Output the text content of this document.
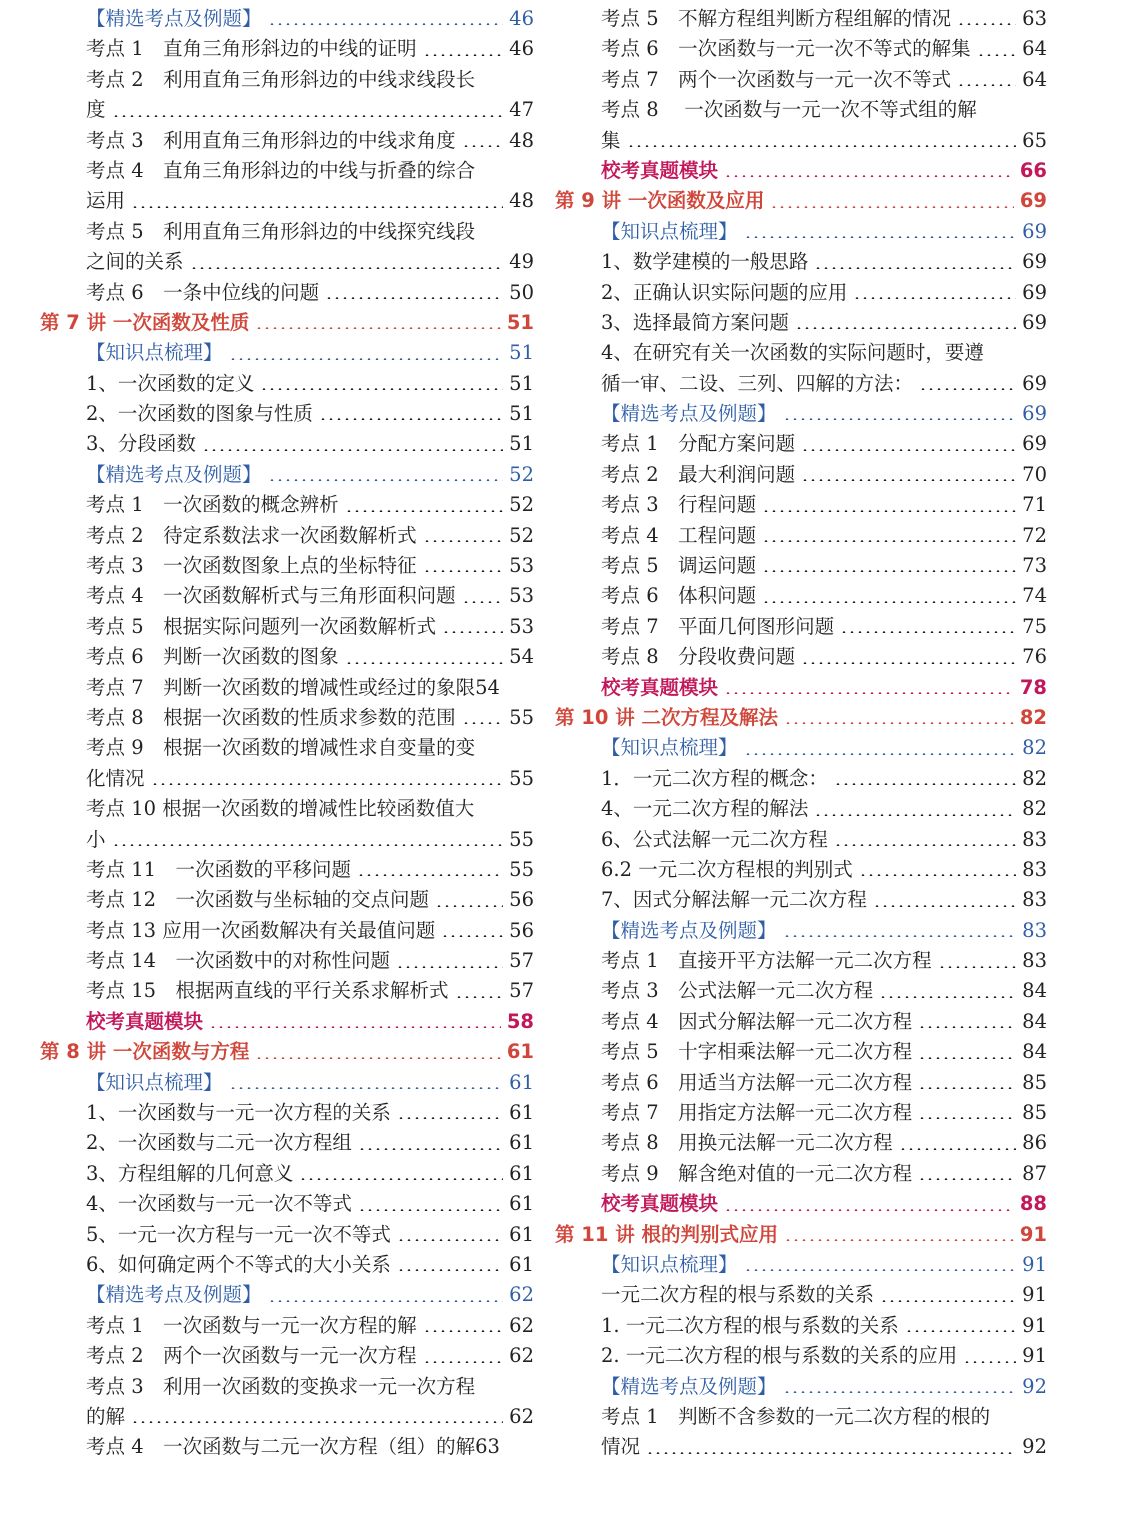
【精选考点及例题】	46
考点 1　直角三角形斜边的中线的证明	46
考点 2　利用直角三角形斜边的中线求线段长
度	47
考点 3　利用直角三角形斜边的中线求角度	48
考点 4　直角三角形斜边的中线与折叠的综合
运用	48
考点 5　利用直角三角形斜边的中线探究线段
之间的关系	49
考点 6　一条中位线的问题	50
第 7 讲 一次函数及性质	51
【知识点梳理】	51
1、一次函数的定义	51
2、一次函数的图象与性质	51
3、分段函数	51
【精选考点及例题】	52
考点 1　一次函数的概念辨析	52
考点 2　待定系数法求一次函数解析式	52
考点 3　一次函数图象上点的坐标特征	53
考点 4　一次函数解析式与三角形面积问题	53
考点 5　根据实际问题列一次函数解析式	53
考点 6　判断一次函数的图象	54
考点 7　判断一次函数的增减性或经过的象限54
考点 8　根据一次函数的性质求参数的范围	55
考点 9　根据一次函数的增减性求自变量的变
化情况	55
考点 10 根据一次函数的增减性比较函数值大
小	55
考点 11　一次函数的平移问题	55
考点 12　一次函数与坐标轴的交点问题	56
考点 13 应用一次函数解决有关最值问题	56
考点 14　一次函数中的对称性问题	57
考点 15　根据两直线的平行关系求解析式	57
校考真题模块	58
第 8 讲 一次函数与方程	61
【知识点梳理】	61
1、一次函数与一元一次方程的关系	61
2、一次函数与二元一次方程组	61
3、方程组解的几何意义	61
4、一次函数与一元一次不等式	61
5、一元一次方程与一元一次不等式	61
6、如何确定两个不等式的大小关系	61
【精选考点及例题】	62
考点 1　一次函数与一元一次方程的解	62
考点 2　两个一次函数与一元一次方程	62
考点 3　利用一次函数的变换求一元一次方程
的解	62
考点 4　一次函数与二元一次方程（组）的解63
考点 5　不解方程组判断方程组解的情况	63
考点 6　一次函数与一元一次不等式的解集	64
考点 7　两个一次函数与一元一次不等式	64
考点 8　 一次函数与一元一次不等式组的解
集	65
校考真题模块	66
第 9 讲 一次函数及应用	69
【知识点梳理】	69
1、数学建模的一般思路	69
2、正确认识实际问题的应用	69
3、选择最简方案问题	69
4、在研究有关一次函数的实际问题时，要遵
循一审、二设、三列、四解的方法：	69
【精选考点及例题】	69
考点 1　分配方案问题	69
考点 2　最大利润问题	70
考点 3　行程问题	71
考点 4　工程问题	72
考点 5　调运问题	73
考点 6　体积问题	74
考点 7　平面几何图形问题	75
考点 8　分段收费问题	76
校考真题模块	78
第 10 讲 二次方程及解法	82
【知识点梳理】	82
1．一元二次方程的概念：	82
4、一元二次方程的解法	82
6、公式法解一元二次方程	83
6.2 一元二次方程根的判别式	83
7、因式分解法解一元二次方程	83
【精选考点及例题】	83
考点 1　直接开平方法解一元二次方程	83
考点 3　公式法解一元二次方程	84
考点 4　因式分解法解一元二次方程	84
考点 5　十字相乘法解一元二次方程	84
考点 6　用适当方法解一元二次方程	85
考点 7　用指定方法解一元二次方程	85
考点 8　用换元法解一元二次方程	86
考点 9　解含绝对值的一元二次方程	87
校考真题模块	88
第 11 讲 根的判别式应用	91
【知识点梳理】	91
一元二次方程的根与系数的关系	91
1. 一元二次方程的根与系数的关系	91
2. 一元二次方程的根与系数的关系的应用	91
【精选考点及例题】	92
考点 1　判断不含参数的一元二次方程的根的
情况	92
